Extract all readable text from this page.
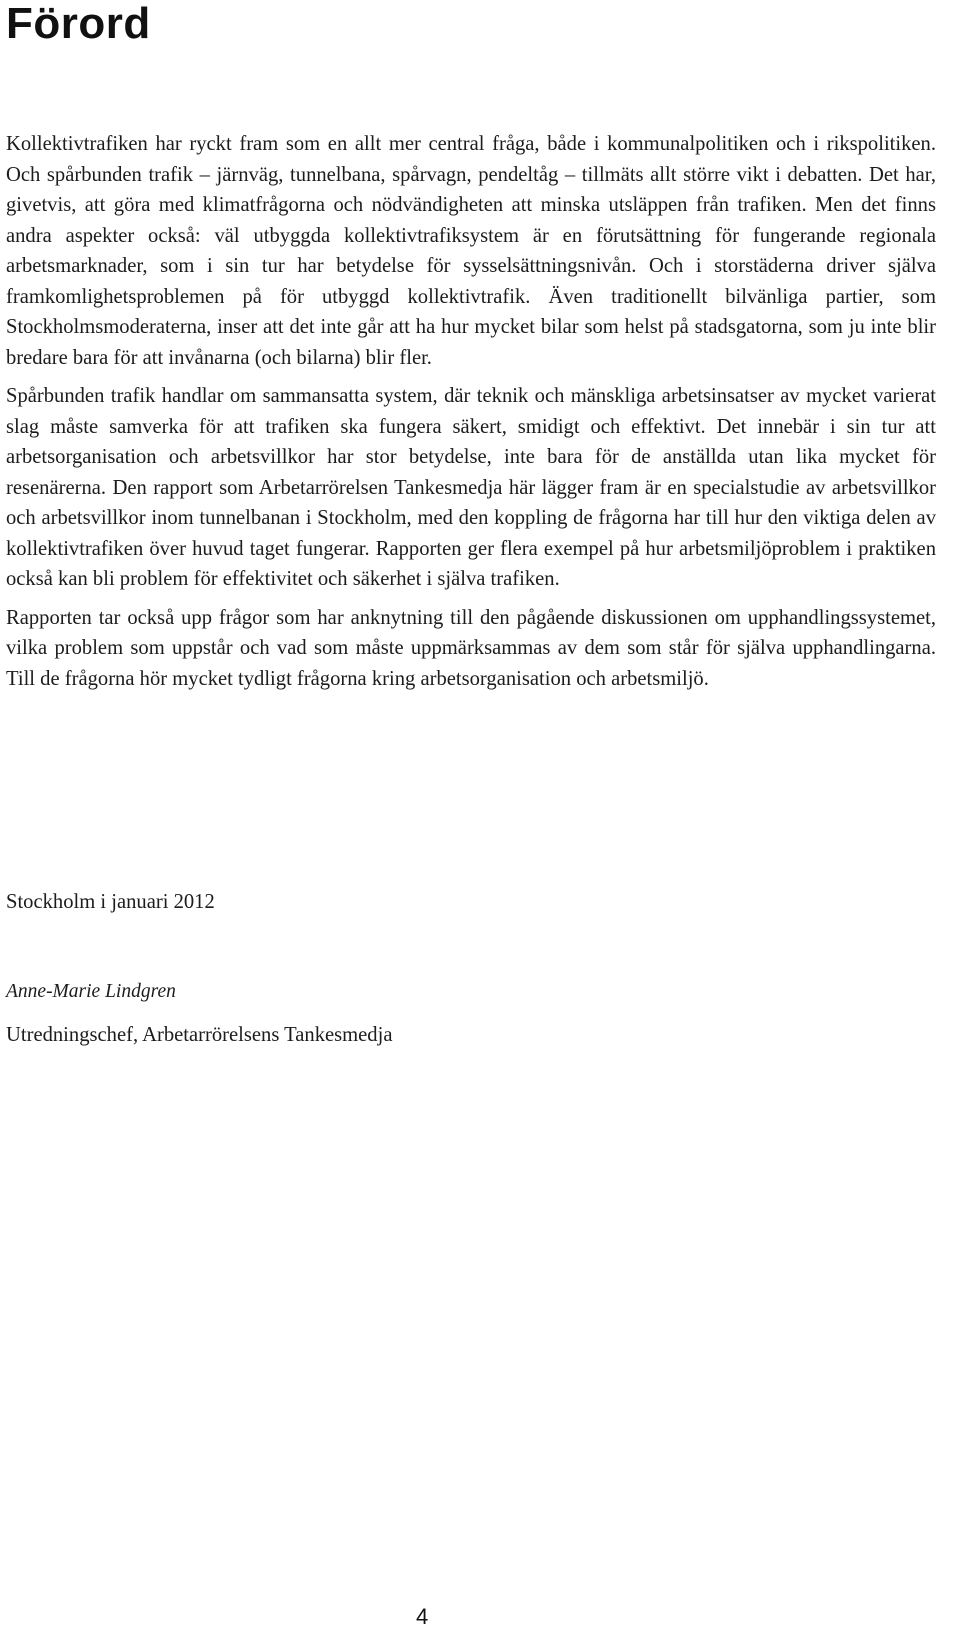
Förord

Kollektivtrafiken har ryckt fram som en allt mer central fråga, både i kommunalpolitiken och i rikspolitiken. Och spårbunden trafik – järnväg, tunnelbana, spårvagn, pendeltåg – tillmäts allt större vikt i debatten. Det har, givetvis, att göra med klimatfrågorna och nödvändigheten att minska utsläppen från trafiken. Men det finns andra aspekter också: väl utbyggda kollektivtrafiksystem är en förutsättning för fungerande regionala arbetsmarknader, som i sin tur har betydelse för sysselsättningsnivån. Och i storstäderna driver själva framkomlighetsproblemen på för utbyggd kollektivtrafik. Även traditionellt bilvänliga partier, som Stockholmsmoderaterna, inser att det inte går att ha hur mycket bilar som helst på stadsgatorna, som ju inte blir bredare bara för att invånarna (och bilarna) blir fler.

Spårbunden trafik handlar om sammansatta system, där teknik och mänskliga arbetsinsatser av mycket varierat slag måste samverka för att trafiken ska fungera säkert, smidigt och effektivt. Det innebär i sin tur att arbetsorganisation och arbetsvillkor har stor betydelse, inte bara för de anställda utan lika mycket för resenärerna. Den rapport som Arbetarrörelsen Tankesmedja här lägger fram är en specialstudie av arbetsvillkor och arbetsvillkor inom tunnelbanan i Stockholm, med den koppling de frågorna har till hur den viktiga delen av kollektivtrafiken över huvud taget fungerar. Rapporten ger flera exempel på hur arbetsmiljöproblem i praktiken också kan bli problem för effektivitet och säkerhet i själva trafiken.

Rapporten tar också upp frågor som har anknytning till den pågående diskussionen om upphandlingssystemet, vilka problem som uppstår och vad som måste uppmärksammas av dem som står för själva upphandlingarna. Till de frågorna hör mycket tydligt frågorna kring arbetsorganisation och arbetsmiljö.

Stockholm i januari 2012
Anne-Marie Lindgren
Utredningschef, Arbetarrörelsens Tankesmedja
4
